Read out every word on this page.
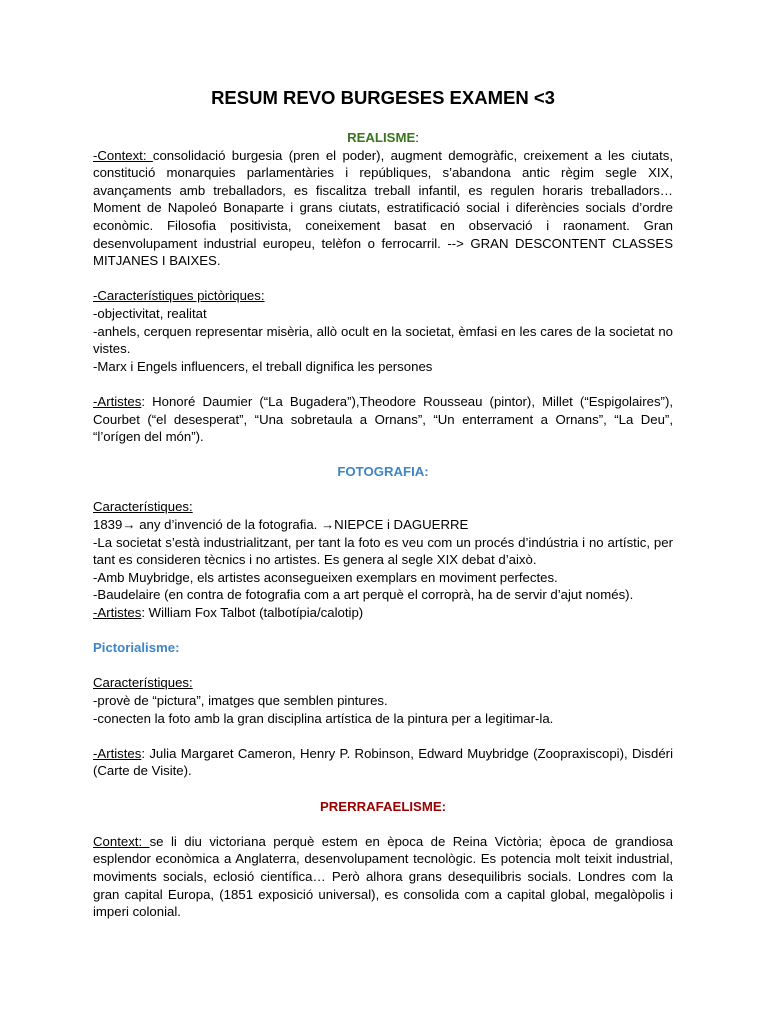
RESUM REVO BURGESES EXAMEN <3
REALISME:

-Context: consolidació burgesia (pren el poder), augment demogràfic, creixement a les ciutats, constitució monarquies parlamentàries i repúbliques, s’abandona antic règim segle XIX, avançaments amb treballadors, es fiscalitza treball infantil, es regulen horaris treballadors… Moment de Napoleó Bonaparte i grans ciutats, estratificació social i diferències socials d’ordre econòmic. Filosofia positivista, coneixement basat en observació i raonament. Gran desenvolupament industrial europeu, telèfon o ferrocarril. --> GRAN DESCONTENT CLASSES MITJANES I BAIXES.

-Característiques pictòriques:

-objectivitat, realitat

-anhels, cerquen representar misèria, allò ocult en la societat, èmfasi en les cares de la societat no vistes.

-Marx i Engels influencers, el treball dignifica les persones

-Artistes: Honoré Daumier (“La Bugadera”),Theodore Rousseau (pintor), Millet (“Espigolaires”), Courbet (“el desesperat”, “Una sobretaula a Ornans”, “Un enterrament a Ornans”, “La Deu”, “l’orígen del món”).

FOTOGRAFIA:

Característiques:

1839→ any d’invenció de la fotografia. →NIEPCE i DAGUERRE

-La societat s’està industrialitzant, per tant la foto es veu com un procés d’indústria i no artístic, per tant es consideren tècnics i no artistes. Es genera al segle XIX debat d’això.

-Amb Muybridge, els artistes aconsegueixen exemplars en moviment perfectes.

-Baudelaire (en contra de fotografia com a art perquè el corroprà, ha de servir d’ajut només).

-Artistes: William Fox Talbot (talbotípia/calotip)

Pictorialisme:

Característiques:

-provè de “pictura”, imatges que semblen pintures.

-conecten la foto amb la gran disciplina artística de la pintura per a legitimar-la.

-Artistes: Julia Margaret Cameron, Henry P. Robinson, Edward Muybridge (Zoopraxiscopi), Disdéri (Carte de Visite).

PRERRAFAELISME:

Context: se li diu victoriana perquè estem en època de Reina Victòria; època de grandiosa esplendor econòmica a Anglaterra, desenvolupament tecnològic. Es potencia molt teixit industrial, moviments socials, eclosió científica… Però alhora grans desequilibris socials. Londres com la gran capital Europa, (1851 exposició universal), es consolida com a capital global, megalòpolis i imperi colonial.
